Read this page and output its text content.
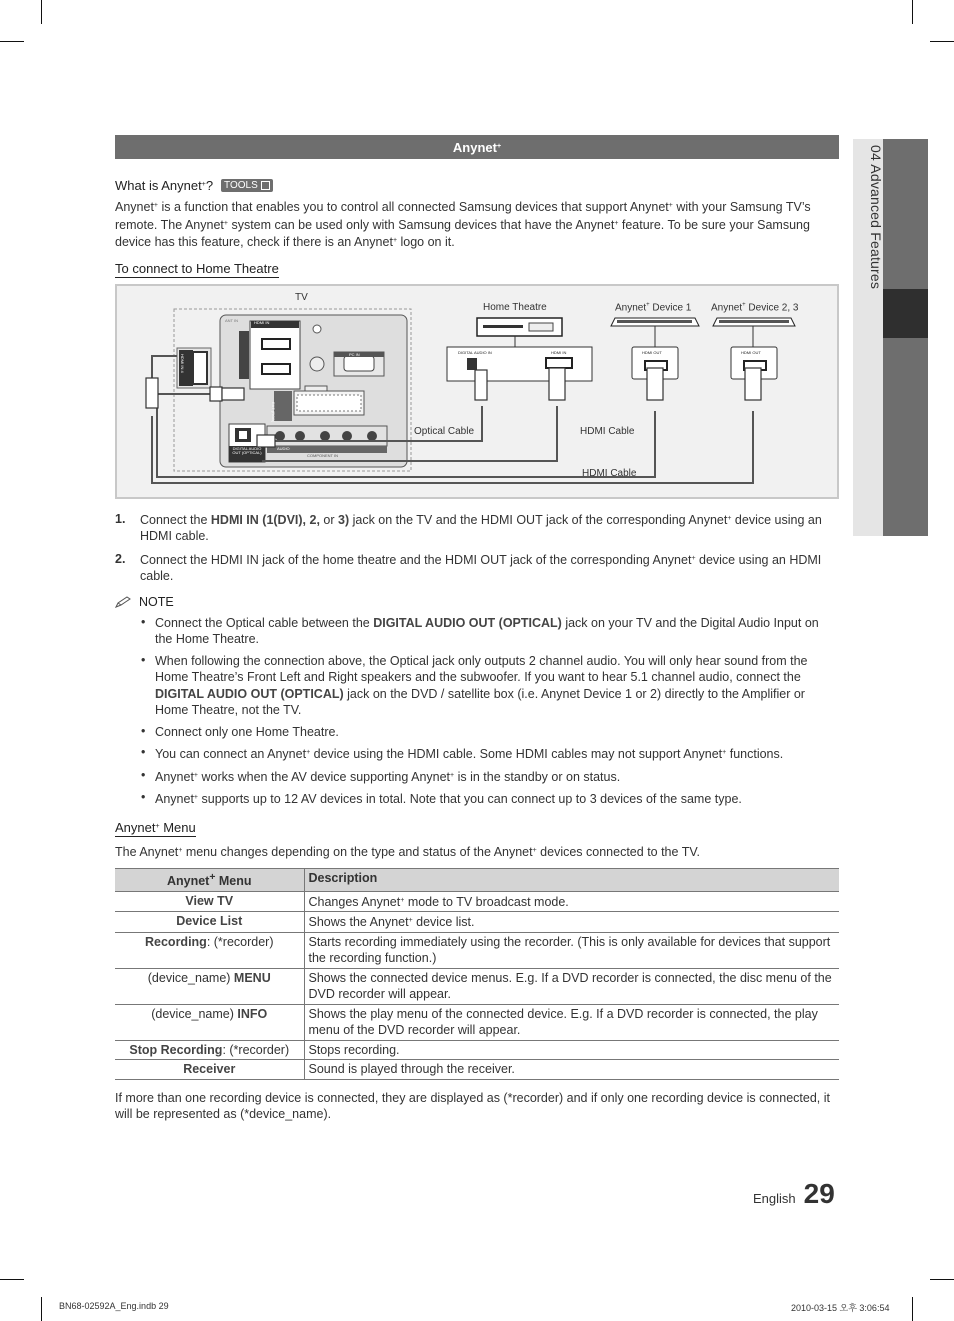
04 Advanced Features
Anynet+
What is Anynet+? TOOLS

Anynet+ is a function that enables you to control all connected Samsung devices that support Anynet+ with your Samsung TV’s remote. The Anynet+ system can be used only with Samsung devices that have the Anynet+ feature. To be sure your Samsung device has this feature, check if there is an Anynet+ logo on it.

To connect to Home Theatre
TV
Home Theatre	Anynet+ Device 1 Anynet+ Device 2, 3
Optical Cable	HDMI Cable
HDMI Cable
HDMI IN
ANT IN
PC IN
EXT (RGB)
AUDIO
COMPONENT IN
DIGITAL AUDIO OUT (OPTICAL)
HDMI IN 4
DIGITAL AUDIO IN	HDMI IN	HDMI OUT	HDMI OUT
1. Connect the HDMI IN (1(DVI), 2, or 3) jack on the TV and the HDMI OUT jack of the corresponding Anynet+ device using an HDMI cable.
2. Connect the HDMI IN jack of the home theatre and the HDMI OUT jack of the corresponding Anynet+ device using an HDMI cable.
NOTE
• Connect the Optical cable between the DIGITAL AUDIO OUT (OPTICAL) jack on your TV and the Digital Audio Input on the Home Theatre.
• When following the connection above, the Optical jack only outputs 2 channel audio. You will only hear sound from the Home Theatre’s Front Left and Right speakers and the subwoofer. If you want to hear 5.1 channel audio, connect the DIGITAL AUDIO OUT (OPTICAL) jack on the DVD / satellite box (i.e. Anynet Device 1 or 2) directly to the Amplifier or Home Theatre, not the TV.
• Connect only one Home Theatre.
• You can connect an Anynet+ device using the HDMI cable. Some HDMI cables may not support Anynet+ functions.
• Anynet+ works when the AV device supporting Anynet+ is in the standby or on status.
• Anynet+ supports up to 12 AV devices in total. Note that you can connect up to 3 devices of the same type.
Anynet+ Menu

The Anynet+ menu changes depending on the type and status of the Anynet+ devices connected to the TV.

Anynet+ Menu	Description
View TV	Changes Anynet+ mode to TV broadcast mode.
Device List	Shows the Anynet+ device list.
Recording: (*recorder)	Starts recording immediately using the recorder. (This is only available for devices that support the recording function.)
(device_name) MENU	Shows the connected device menus. E.g. If a DVD recorder is connected, the disc menu of the DVD recorder will appear.
(device_name) INFO	Shows the play menu of the connected device. E.g. If a DVD recorder is connected, the play menu of the DVD recorder will appear.
Stop Recording: (*recorder)	Stops recording.
Receiver	Sound is played through the receiver.

If more than one recording device is connected, they are displayed as (*recorder) and if only one recording device is connected, it will be represented as (*device_name).

English 29
BN68-02592A_Eng.indb 29	2010-03-15 오후 3:06:54
